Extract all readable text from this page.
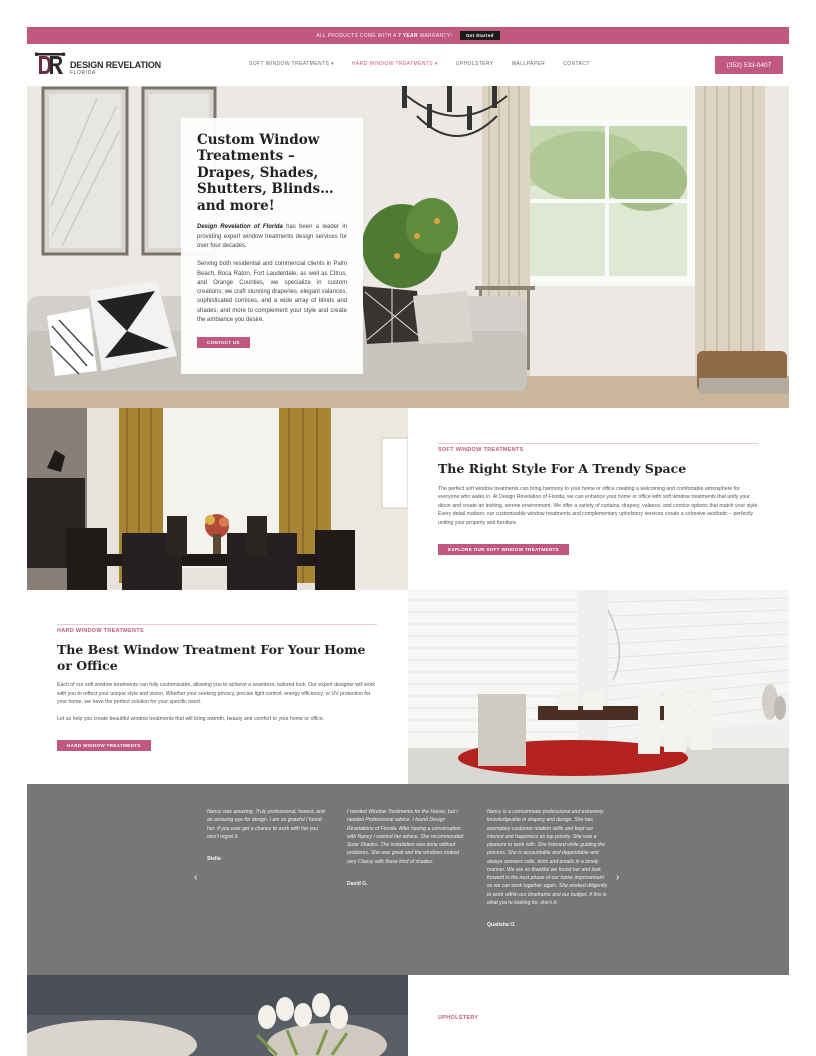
ALL PRODUCTS COME WITH A 7 YEAR WARRANTY!	Get Started
DESIGN REVELATION
FLORIDA
SOFT WINDOW TREATMENTS ▾	HARD WINDOW TREATMENTS ▾	UPHOLSTERY	WALLPAPER	CONTACT	(352) 533-0407
Custom Window Treatments – Drapes, Shades, Shutters, Blinds…and more!

Design Revelation of Florida has been a leader in providing expert window treatments design services for over four decades.

Serving both residential and commercial clients in Palm Beach, Boca Raton, Fort Lauderdale, as well as Citrus, and Orange Counties, we specialize in custom creations; we craft stunning draperies, elegant valances, sophisticated cornices, and a wide array of blinds and shades, and more to complement your style and create the ambiance you desire.

CONTACT US
SOFT WINDOW TREATMENTS
The Right Style For A Trendy Space

The perfect soft window treatments can bring harmony to your home or office creating a welcoming and comfortable atmosphere for everyone who walks in. At Design Revelation of Florida, we can enhance your home or office with soft window treatments that unify your décor and create an inviting, serene environment. We offer a variety of curtains, drapery, valance, and cornice options that match your style. Every detail matters; our customizable window treatments and complementary upholstery services create a cohesive aesthetic – perfectly uniting your property and furniture.

EXPLORE OUR SOFT WINDOW TREATMENTS
HARD WINDOW TREATMENTS
The Best Window Treatment For Your Home or Office

Each of our soft window treatments can fully customizable, allowing you to achieve a seamless, tailored look. Our expert designer will work with you to reflect your unique style and vision. Whether your seeking privacy, precise light control, energy efficiency, or UV protection for your home, we have the perfect solution for your specific need.

Let us help you create beautiful window treatments that will bring warmth, beauty and comfort to your home or office.

HARD WINDOW TREATMENTS
‹

Nancy was amazing. Truly professional, honest, and an amazing eye for design. I am so grateful I found her. If you ever get a chance to work with her you won't regret it.

Stella

I needed Window Treatments for the House, but I needed Professional advice. I found Design Revelations of Florida. After having a conversation with Nancy I wanted her advice. She recommended Solar Shades. The installation was done without problems. She was great and the windows looked very Classy with these kind of shades.

David G.

Nancy is a consummate professional and extremely knowledgeable in drapery and design. She has exemplary customer relation skills and kept our interest and happiness as top priority. She was a pleasure to work with. She listened while guiding the process. She is accountable and dependable and always answers calls, texts and emails in a timely manner. We are so thankful we found her and look forward to the next phase of our home improvement so we can work together again. She worked diligently to work within our timeframe and our budget. If this is what you're looking for, she's it.

Quatisha O.

›
UPHOLSTERY
